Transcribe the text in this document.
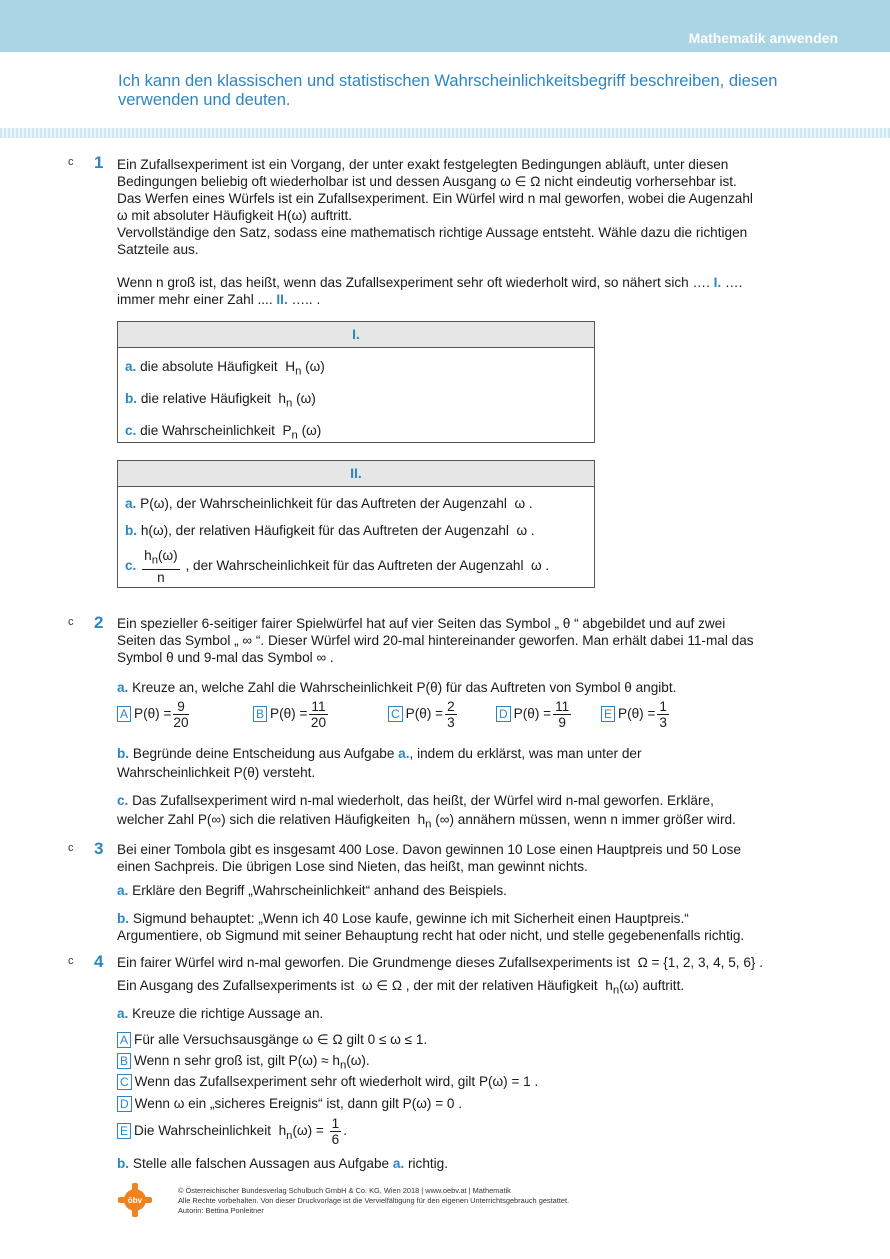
Mathematik anwenden
Ich kann den klassischen und statistischen Wahrscheinlichkeitsbegriff beschreiben, diesen verwenden und deuten.
c 1 Ein Zufallsexperiment ist ein Vorgang, der unter exakt festgelegten Bedingungen abläuft, unter diesen
Bedingungen beliebig oft wiederholbar ist und dessen Ausgang ω ∈ Ω nicht eindeutig vorhersehbar ist.
Das Werfen eines Würfels ist ein Zufallsexperiment. Ein Würfel wird n mal geworfen, wobei die Augenzahl
ω mit absoluter Häufigkeit H(ω) auftritt.
Vervollständige den Satz, sodass eine mathematisch richtige Aussage entsteht. Wähle dazu die richtigen
Satzteile aus.
Wenn n groß ist, das heißt, wenn das Zufallsexperiment sehr oft wiederholt wird, so nähert sich …. I. ….
immer mehr einer Zahl .... II. ….. .
I.
a. die absolute Häufigkeit $H_n$ (ω)
b. die relative Häufigkeit $h_n$ (ω)
c. die Wahrscheinlichkeit $P_n$ (ω)
II.
a. P(ω), der Wahrscheinlichkeit für das Auftreten der Augenzahl ω .
b. h(ω), der relativen Häufigkeit für das Auftreten der Augenzahl ω .
c. $\frac{h_n(\omega)}{n}$ , der Wahrscheinlichkeit für das Auftreten der Augenzahl ω .
c 2 Ein spezieller 6-seitiger fairer Spielwürfel hat auf vier Seiten das Symbol „ θ “ abgebildet und auf zwei
Seiten das Symbol „ ∞ “. Dieser Würfel wird 20-mal hintereinander geworfen. Man erhält dabei 11-mal das
Symbol θ und 9-mal das Symbol ∞ .
a. Kreuze an, welche Zahl die Wahrscheinlichkeit P(θ) für das Auftreten von Symbol θ angibt.
A $P(\theta) = \frac{9}{20}$	B $P(\theta) = \frac{11}{20}$	C $P(\theta) = \frac{2}{3}$	D $P(\theta) = \frac{11}{9}$	E $P(\theta) = \frac{1}{3}$
b. Begründe deine Entscheidung aus Aufgabe a., indem du erklärst, was man unter der
Wahrscheinlichkeit P(θ) versteht.
c. Das Zufallsexperiment wird n-mal wiederholt, das heißt, der Würfel wird n-mal geworfen. Erkläre,
welcher Zahl P(∞) sich die relativen Häufigkeiten $h_n$ (∞) annähern müssen, wenn n immer größer wird.
c 3 Bei einer Tombola gibt es insgesamt 400 Lose. Davon gewinnen 10 Lose einen Hauptpreis und 50 Lose
einen Sachpreis. Die übrigen Lose sind Nieten, das heißt, man gewinnt nichts.
a. Erkläre den Begriff „Wahrscheinlichkeit“ anhand des Beispiels.
b. Sigmund behauptet: „Wenn ich 40 Lose kaufe, gewinne ich mit Sicherheit einen Hauptpreis.“
Argumentiere, ob Sigmund mit seiner Behauptung recht hat oder nicht, und stelle gegebenenfalls richtig.
c 4 Ein fairer Würfel wird n-mal geworfen. Die Grundmenge dieses Zufallsexperiments ist Ω = {1, 2, 3, 4, 5, 6} .
Ein Ausgang des Zufallsexperiments ist ω ∈ Ω , der mit der relativen Häufigkeit $h_n(\omega)$ auftritt.
a. Kreuze die richtige Aussage an.
A Für alle Versuchsausgänge ω ∈ Ω gilt 0 ≤ ω ≤ 1.
B Wenn n sehr groß ist, gilt $P(\omega) \approx h_n(\omega)$.
C Wenn das Zufallsexperiment sehr oft wiederholt wird, gilt P(ω) = 1 .
D Wenn ω ein „sicheres Ereignis“ ist, dann gilt P(ω) = 0 .
E Die Wahrscheinlichkeit $h_n(\omega) = \frac{1}{6}$ .
b. Stelle alle falschen Aussagen aus Aufgabe a. richtig.
öbv
© Österreichischer Bundesverlag Schulbuch GmbH & Co. KG, Wien 2018 | www.oebv.at | Mathematik
Alle Rechte vorbehalten. Von dieser Druckvorlage ist die Vervielfältigung für den eigenen Unterrichtsgebrauch gestattet.
Autorin: Bettina Ponleitner
